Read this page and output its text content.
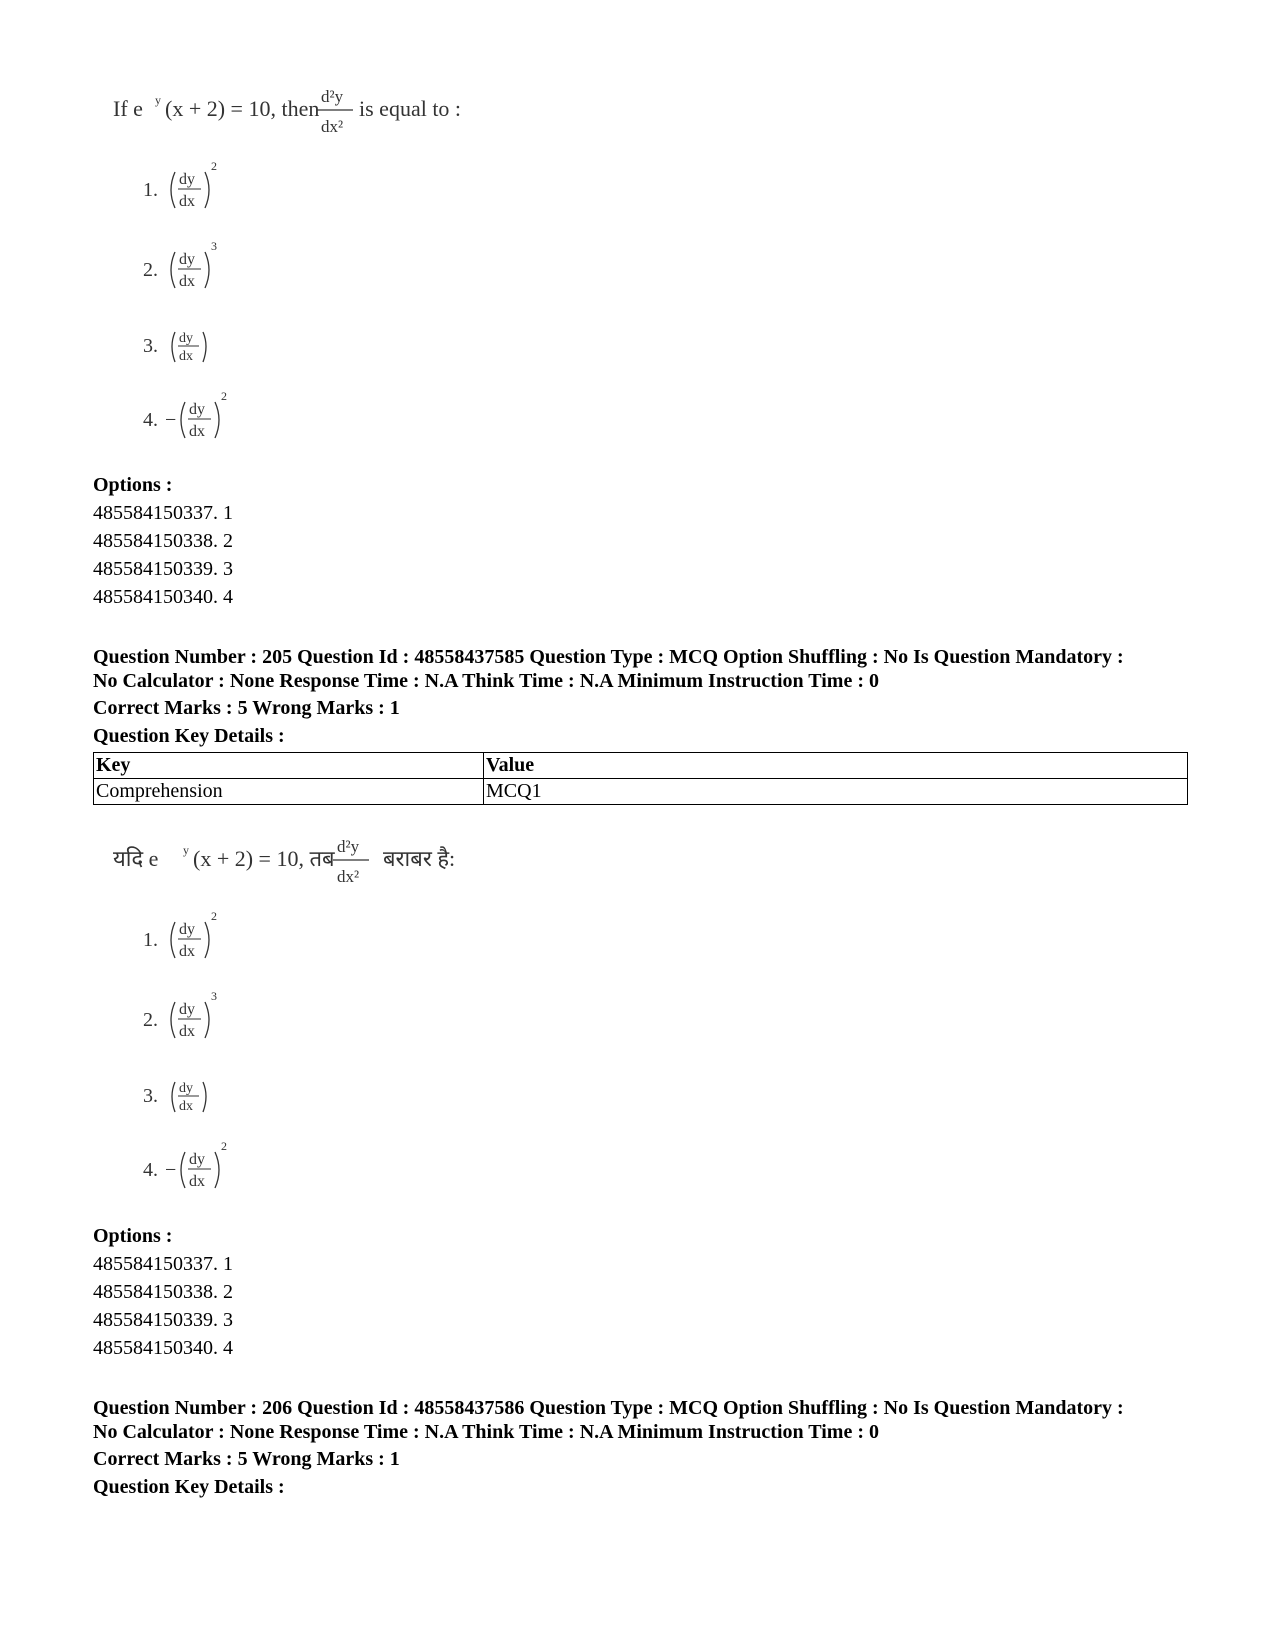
If e y (x + 2) = 10, then d²y
dx²
is equal to :
1. dy
dx
2
2. dy
dx
3
3. dy
dx
4. − dy
dx
2
Options :
485584150337. 1
485584150338. 2
485584150339. 3
485584150340. 4
Question Number : 205 Question Id : 48558437585 Question Type : MCQ Option Shuffling : No Is Question Mandatory :
No Calculator : None Response Time : N.A Think Time : N.A Minimum Instruction Time : 0
Correct Marks : 5 Wrong Marks : 1
Question Key Details :
Key	Value
Comprehension	MCQ1
यदि e y (x + 2) = 10, तब d²y
dx²
बराबर है:
1. dy
dx
2
2. dy
dx
3
3. dy
dx
4. − dy
dx
2
Options :
485584150337. 1
485584150338. 2
485584150339. 3
485584150340. 4
Question Number : 206 Question Id : 48558437586 Question Type : MCQ Option Shuffling : No Is Question Mandatory :
No Calculator : None Response Time : N.A Think Time : N.A Minimum Instruction Time : 0
Correct Marks : 5 Wrong Marks : 1
Question Key Details :
